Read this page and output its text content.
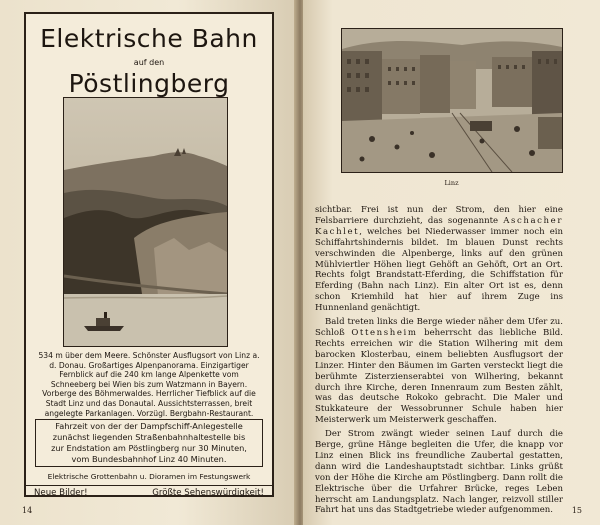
Elektrische Bahn
auf den
Pöstlingberg
534 m über dem Meere. Schönster Ausflugsort von Linz a. d. Donau. Großartiges Alpenpanorama. Einzigartiger Fernblick auf die 240 km lange Alpenkette vom Schneeberg bei Wien bis zum Watzmann in Bayern. Vorberge des Böhmerwaldes. Herrlicher Tiefblick auf die Stadt Linz und das Donautal. Aussichtsterrassen, breit angelegte Parkanlagen. Vorzügl. Bergbahn-Restaurant.
Fahrzeit von der der Dampfschiff-Anlegestelle
zunächst liegenden Straßenbahnhaltestelle bis
zur Endstation am Pöstlingberg nur 30 Minuten,
vom Bundesbahnhof Linz 40 Minuten.
Elektrische Grottenbahn u. Dioramen im Festungswerk
Neue Bilder!	Größte Sehenswürdigkeit!
14
Linz

sichtbar. Frei ist nun der Strom, den hier eine Felsbarriere durchzieht, das sogenannte Aschacher Kachlet, welches bei Niederwasser immer noch ein Schiffahrtshindernis bildet. Im blauen Dunst rechts verschwinden die Alpenberge, links auf den grünen Mühlviertler Höhen liegt Gehöft an Gehöft, Ort an Ort. Rechts folgt Brandstatt-Eferding, die Schiffstation für Eferding (Bahn nach Linz). Ein alter Ort ist es, denn schon Kriemhild hat hier auf ihrem Zuge ins Hunnenland genächtigt.

Bald treten links die Berge wieder näher dem Ufer zu. Schloß Ottensheim beherrscht das liebliche Bild. Rechts erreichen wir die Station Wilhering mit dem barocken Klosterbau, einem beliebten Ausflugsort der Linzer. Hinter den Bäumen im Garten versteckt liegt die berühmte Zisterzienserabtei von Wilhering, bekannt durch ihre Kirche, deren Innenraum zum Besten zählt, was das deutsche Rokoko gebracht. Die Maler und Stukkateure der Wessobrunner Schule haben hier Meisterwerk um Meisterwerk geschaffen.

Der Strom zwängt wieder seinen Lauf durch die Berge, grüne Hänge begleiten die Ufer, die knapp vor Linz einen Blick ins freundliche Zaubertal gestatten, dann wird die Landeshauptstadt sichtbar. Links grüßt von der Höhe die Kirche am Pöstlingberg. Dann rollt die Elektrische über die Urfahrer Brücke, reges Leben herrscht am Landungsplatz. Nach langer, reizvoll stiller Fahrt hat uns das Stadtgetriebe wieder aufgenommen.	15
